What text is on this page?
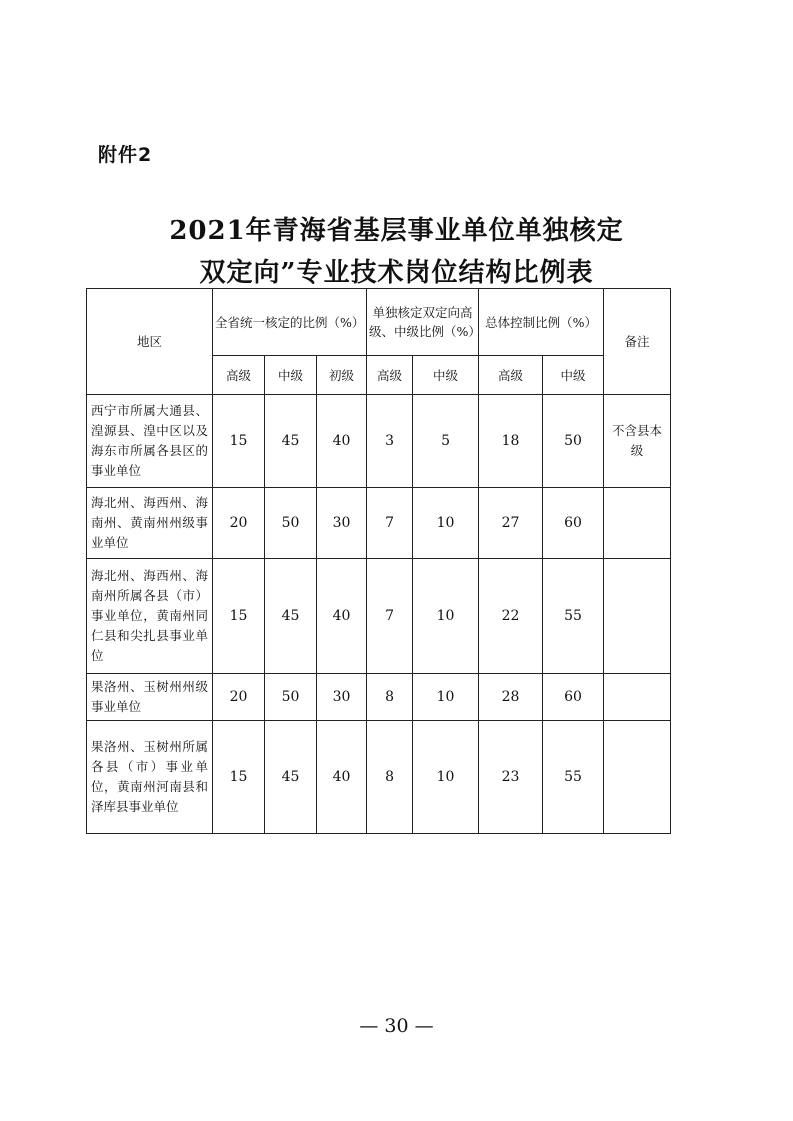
附件2
2021年青海省基层事业单位单独核定
双定向”专业技术岗位结构比例表
地区	全省统一核定的比例（%）			单独核定双定向高级、中级比例（%）		总体控制比例（%）		备注
	高级	中级	初级	高级	中级	高级	中级	
西宁市所属大通县、湟源县、湟中区以及海东市所属各县区的事业单位	15	45	40	3	5	18	50	不含县本级
海北州、海西州、海南州、黄南州州级事业单位	20	50	30	7	10	27	60	
海北州、海西州、海南州所属各县（市）事业单位，黄南州同仁县和尖扎县事业单位	15	45	40	7	10	22	55	
果洛州、玉树州州级事业单位	20	50	30	8	10	28	60	
果洛州、玉树州所属各县（市）事业单位，黄南州河南县和泽库县事业单位	15	45	40	8	10	23	55	
— 30 —
